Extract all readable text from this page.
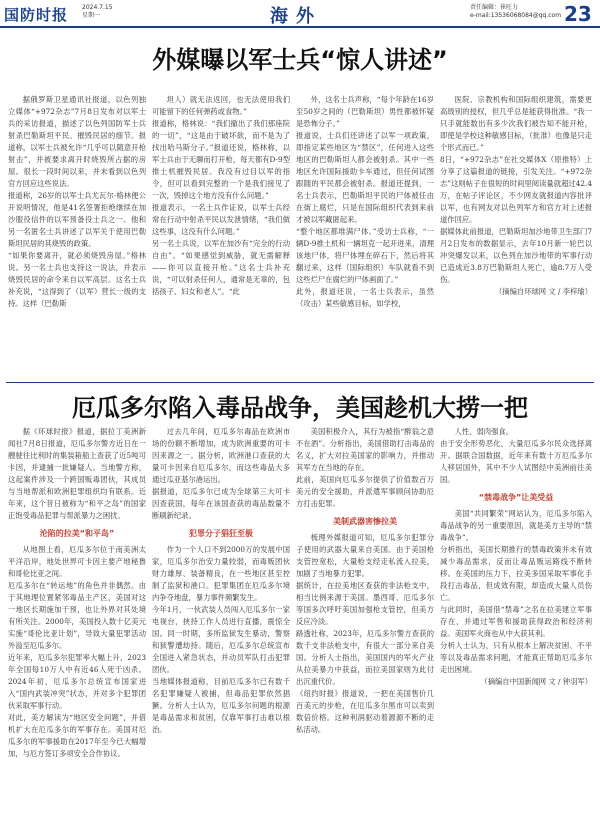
国防时报 2024.7.15
星期一	海外	责任编辑：崔旺力
e-mail:13536068084@qq.com 23
外媒曝以军士兵“惊人讲述”

据俄罗斯卫星通讯社报道，以色列独立媒体“+972杂志”7月8日发布对以军士兵的采访报道，描述了以色列国防军士兵射杀巴勒斯坦平民、摧毁民居的细节。报道称，以军士兵被允许“几乎可以随意开枪射击”，并被要求离开时烧毁所占据的房屋。很长一段时间以来，并未看到以色列官方回应这些说法。
报道称，26岁的以军士兵尤瓦尔·格林便公开说明情况，他是41名签署拒绝继续在加沙服役信件的以军预备役士兵之一。他和另一名匿名士兵讲述了以军关于使用巴勒斯坦民居的其烧毁的政策。
“如果你要离开，就必须烧毁房屋。”格林说。另一名士兵也支持这一说法，并表示烧毁民居的命令来自以军高层。这名士兵补充说，“这得到了（以军）营长一级的支持。这样（巴勒斯

坦人）就无法返回，也无法使用我们可能留下的任何弹药或食物。”
报道称，格林说：“我们撤出了我们那座院的一切”，“这是由于破坏欲，而不是为了找出哈马斯分子。”报道还说，格林称，以军士兵由于无聊而打开枪，每天都有D-9型推土机摧毁民居。我没有过目以军的指令，但可以看到完整的一个是我们接见了一次，毁掉这个地方没有什么问题。”
报道表示，一名士兵作证说，以军士兵经常在行动中射杀平民以发泄情绪，“我们做这些事，这没有什么问题。”
另一名士兵说，以军在加沙有“完全的行动自由”。“如果感觉到威胁，就无需解释——你可以直接开枪。”这名士兵补充说，“可以射杀任何人，通常是无辜的，包括孩子、妇女和老人”。“此

外，这名士兵声称，“每个年龄在16岁至50岁之间的（巴勒斯坦）男性都被怀疑是恐怖分子。”
报道说，士兵们还讲述了以军一项政策，即指定某些地区为“禁区”，任何进入这些地区的巴勒斯坦人都会被射杀。其中一些地区允许国际援助卡车通过，但任何试图跟随的平民都会被射杀。报道还提到，一名士兵表示，巴勒斯坦平民的尸体被任由在街上腐烂，只是在国际组织代表到来前才被以军藏匿起来。
“整个地区都堆满尸体。”受访士兵称，“一辆D-9推土机和一辆坦克一起开进来，清理该地尸体，将尸体埋在碎石下，然后将其翻过来，这样（国际组织）车队就看不到这些烂尸在腐烂的尸体画面了。”
此外，报道还说，一名士兵表示，虽然（攻击）某些敏感目标，如学校，

医院、宗教机构和国际组织建筑，需要更高级别的授权，但几乎总是能获得批准。“我一只手就能数出有多少次我们被告知不能开枪，即使是学校这种敏感目标，（批准）也像是只走个形式而已。”
8日，“+972杂志”在社交媒体X（原推特）上分享了这篇报道的链接，引发关注。“+972杂志”这则帖子在很短的时间里阅读量就超过42.4万，在帖子评论区，不少网友就报道内容批评以军，也有网友对以色列军方和官方对上述报道作回应。
据媒体此前报道，巴勒斯坦加沙地带卫生部门7月2日发布的数据显示，去年10月新一轮巴以冲突爆发以来，以色列在加沙地带的军事行动已造成近3.8万巴勒斯坦人死亡，逾8.7万人受伤。

（摘编自环球网 文 / 李梓瑜）

厄瓜多尔陷入毒品战争，美国趁机大捞一把

据《环球时报》报道，据拉丁美洲新闻社7月8日报道，厄瓜多尔警方近日在一艘驶往比利时的集装箱船上查获了近5吨可卡因，并逮捕一批嫌疑人。当地警方称，这起案件涉及一个跨国贩毒团伙，其成员与当地帮派和欧洲犯罪组织均有联系。近年来，这个昔日被称为“和平之岛”的国家正饱受毒品犯罪与帮派暴力之困扰。

沦陷的拉美“和平岛”

从地图上看，厄瓜多尔位于南美洲太平洋沿岸，地处世界可卡因主要产地秘鲁和哥伦比亚之间。
厄瓜多尔在“转运地”的角色并非偶然。由于其地理位置紧邻毒品主产区，美国对这一地区长期施加干预，也让外界对其处境有所关注。2000年，美国投入数十亿美元实施“哥伦比亚计划”，导致大量犯罪活动外溢至厄瓜多尔。
近年来，厄瓜多尔犯罪率大幅上升，2023年全国每10万人中有近46人死于凶杀。2024年初，厄瓜多尔总统宣布国家进入“国内武装冲突”状态，并对多个犯罪团伙采取军事行动。
对此，美方解读为“地区安全问题”，并借机扩大在厄瓜多尔的军事存在。美国对厄瓜多尔的军事援助在2017年至今已大幅增加，与厄方签订多项安全合作协议。

过去几年间，厄瓜多尔毒品在欧洲市场的份额不断增加，成为欧洲重要的可卡因来源之一。据分析，欧洲港口查获的大量可卡因来自厄瓜多尔，而这些毒品大多通过瓜亚基尔港运出。
据报道，厄瓜多尔已成为全球第三大可卡因查获国，每年在该国查获的毒品数量不断刷新纪录。

犯罪分子猖狂至极

作为一个人口不到2000万的发展中国家，厄瓜多尔治安力量较弱，而毒贩团伙财力雄厚、装备精良，在一些地区甚至控制了监狱和港口。犯罪集团在厄瓜多尔境内争夺地盘，暴力事件频繁发生。
今年1月，一伙武装人员闯入厄瓜多尔一家电视台，挟持工作人员进行直播，震惊全国。同一时期，多所监狱发生暴动，警察和狱警遭劫持。随后，厄瓜多尔总统宣布全国进入紧急状态，并动员军队打击犯罪团伙。
当地媒体报道称，目前厄瓜多尔已有数千名犯罪嫌疑人被捕，但毒品犯罪依然猖獗。分析人士认为，厄瓜多尔问题的根源是毒品需求和贫困，仅靠军事打击难以根治。

美国积极介入，其行为被指“醉翁之意不在酒”。分析指出，美国借助打击毒品的名义，扩大对拉美国家的影响力，并推动其军方在当地的存在。
此前，美国向厄瓜多尔提供了价值数百万美元的安全援助，并派遣军事顾问协助厄方打击犯罪。

美制武器害惨拉美

梳理外媒报道可知，厄瓜多尔犯罪分子使用的武器大量来自美国。由于美国枪支管控宽松，大量枪支经走私流入拉美，加剧了当地暴力犯罪。
据统计，在拉美地区查获的非法枪支中，相当比例来源于美国。墨西哥、厄瓜多尔等国多次呼吁美国加强枪支管控，但美方反应冷淡。
路透社称，2023年，厄瓜多尔警方查获的数千支非法枪支中，有很大一部分来自美国。分析人士指出，美国国内的军火产业从拉美暴力中获益，而拉美国家则为此付出沉重代价。
《纽约时报》报道说，一把在美国售价几百美元的步枪，在厄瓜多尔黑市可以卖到数倍价格。这种利润驱动着源源不断的走私活动。

人性、弱肉强食。
由于安全形势恶化，大量厄瓜多尔民众选择离开。据联合国数据，近年来有数十万厄瓜多尔人移居国外，其中不少人试图经中美洲前往美国。

“禁毒战争”让美受益

美国“共同繁荣”网站认为，厄瓜多尔陷入毒品战争的另一重要原因，就是美方主导的“禁毒战争”。
分析指出，美国长期推行的禁毒政策并未有效减少毒品需求，反而让毒品贩运路线不断转移。在美国的压力下，拉美多国采取军事化手段打击毒品，但成效有限，却造成大量人员伤亡。
与此同时，美国借“禁毒”之名在拉美建立军事存在，并通过军售和援助获得政治和经济利益。美国军火商也从中大获其利。
分析人士认为，只有从根本上解决贫困、不平等以及毒品需求问题，才能真正帮助厄瓜多尔走出困境。

（摘编自中国新闻网 文 / 钟羽军）
